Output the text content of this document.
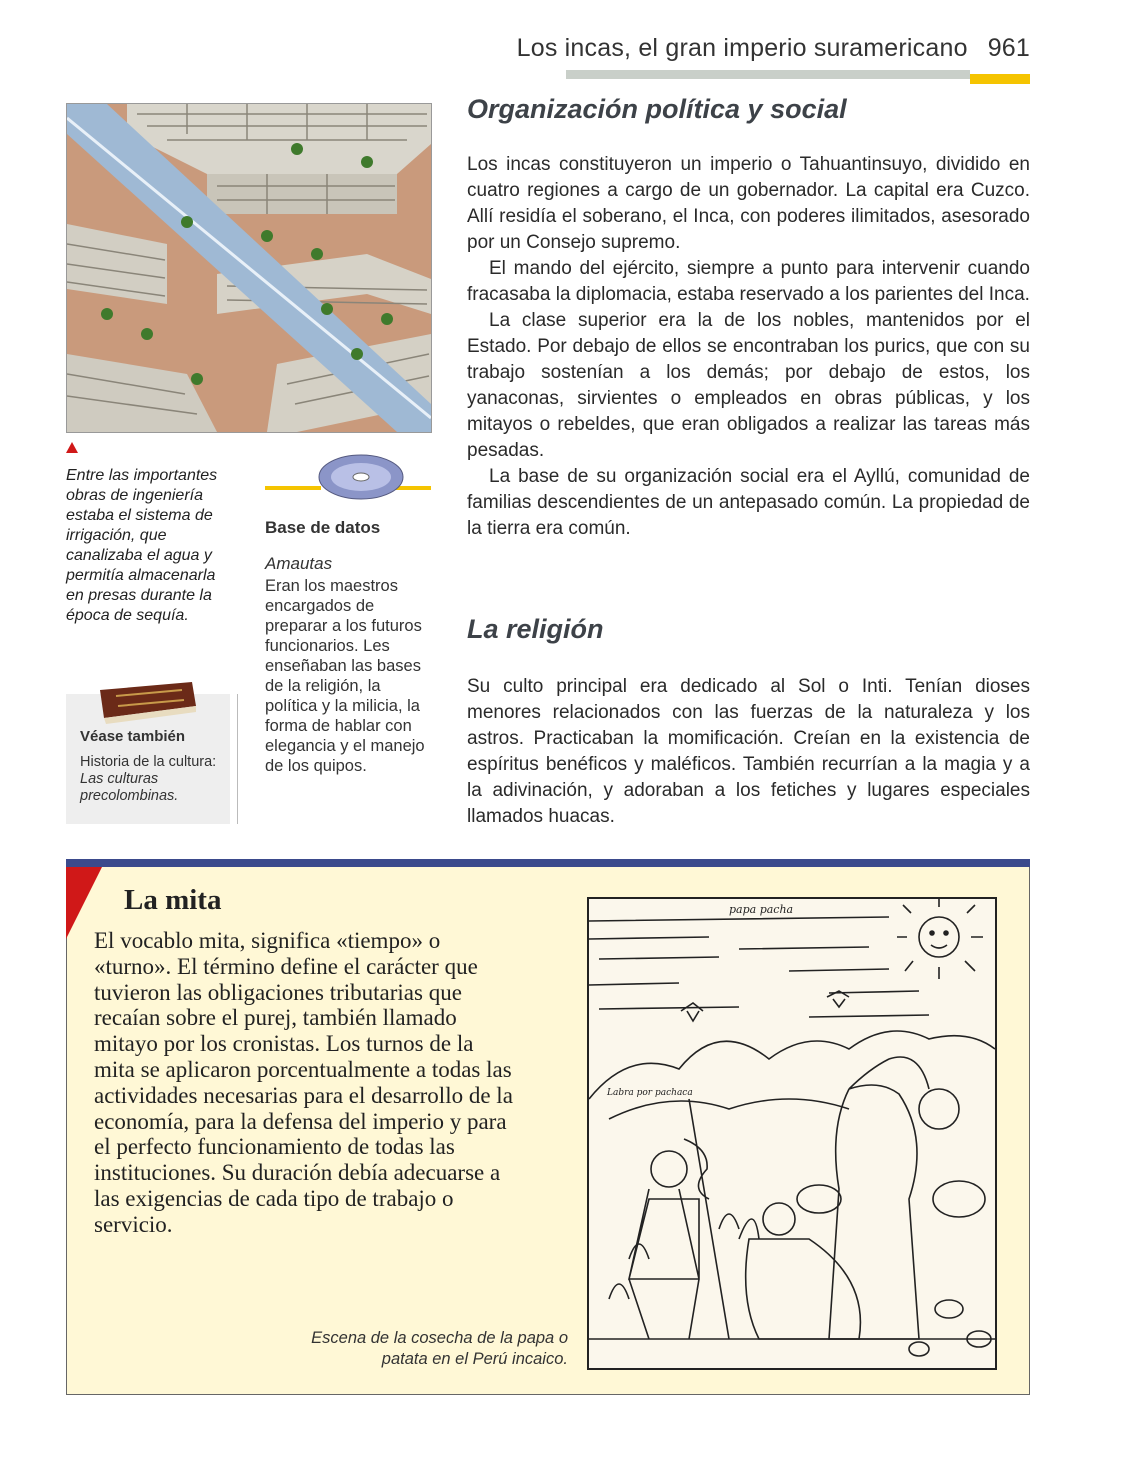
Los incas, el gran imperio suramericano 961
Entre las importantes obras de ingeniería estaba el sistema de irrigación, que canalizaba el agua y permitía almacenarla en presas durante la época de sequía.
Base de datos
Amautas
Eran los maestros encargados de preparar a los futuros funcionarios. Les enseñaban las bases de la religión, la política y la milicia, la forma de hablar con elegancia y el manejo de los quipos.
Véase también
Historia de la cultura: Las culturas precolombinas.
Organización política y social

Los incas constituyeron un imperio o Tahuantinsuyo, dividido en cuatro regiones a cargo de un gobernador. La capital era Cuzco. Allí residía el soberano, el Inca, con poderes ilimitados, asesorado por un Consejo supremo.

El mando del ejército, siempre a punto para intervenir cuando fracasaba la diplomacia, estaba reservado a los parientes del Inca.

La clase superior era la de los nobles, mantenidos por el Estado. Por debajo de ellos se encontraban los purics, que con su trabajo sostenían a los demás; por debajo de estos, los yanaconas, sirvientes o empleados en obras públicas, y los mitayos o rebeldes, que eran obligados a realizar las tareas más pesadas.

La base de su organización social era el Ayllú, comunidad de familias descendientes de un antepasado común. La propiedad de la tierra era común.

La religión

Su culto principal era dedicado al Sol o Inti. Tenían dioses menores relacionados con las fuerzas de la naturaleza y los astros. Practicaban la momificación. Creían en la existencia de espíritus benéficos y maléficos. También recurrían a la magia y a la adivinación, y adoraban a los fetiches y lugares especiales llamados huacas.

La mita
El vocablo mita, significa «tiempo» o «turno». El término define el carácter que tuvieron las obligaciones tributarias que recaían sobre el purej, también llamado mitayo por los cronistas. Los turnos de la mita se aplicaron porcentualmente a todas las actividades necesarias para el desarrollo de la economía, para la defensa del imperio y para el perfecto funcionamiento de todas las instituciones. Su duración debía adecuarse a las exigencias de cada tipo de trabajo o servicio.
Escena de la cosecha de la papa o patata en el Perú incaico.
papa pacha
Labra por pachaca
